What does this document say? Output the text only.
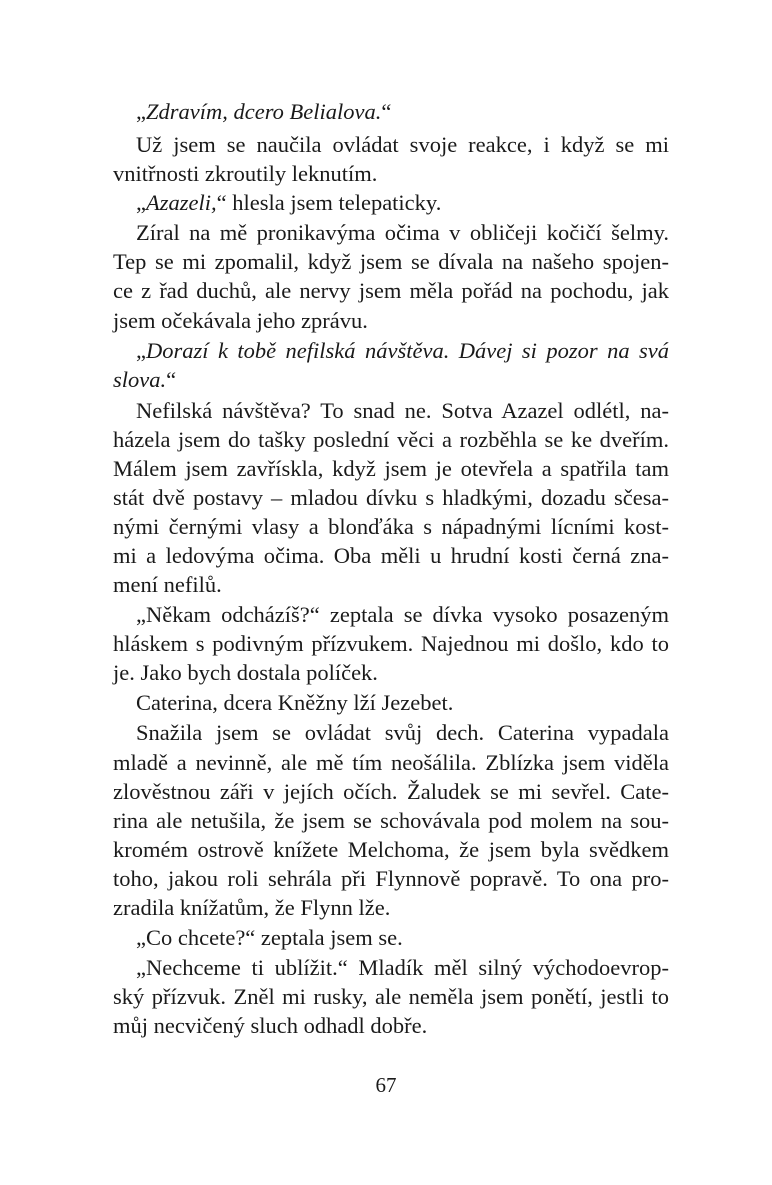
„Zdravím, dcero Belialova.“
Už jsem se naučila ovládat svoje reakce, i když se mi
vnitřnosti zkroutily leknutím.
„Azazeli,“ hlesla jsem telepaticky.
Zíral na mě pronikavýma očima v obličeji kočičí šelmy.
Tep se mi zpomalil, když jsem se dívala na našeho spojen-
ce z řad duchů, ale nervy jsem měla pořád na pochodu, jak
jsem očekávala jeho zprávu.
„Dorazí k tobě nefilská návštěva. Dávej si pozor na svá
slova.“
Nefilská návštěva? To snad ne. Sotva Azazel odlétl, na-
házela jsem do tašky poslední věci a rozběhla se ke dveřím.
Málem jsem zavřískla, když jsem je otevřela a spatřila tam
stát dvě postavy – mladou dívku s hladkými, dozadu sčesa-
nými černými vlasy a blonďáka s nápadnými lícními kost-
mi a ledovýma očima. Oba měli u hrudní kosti černá zna-
mení nefilů.
„Někam odcházíš?“ zeptala se dívka vysoko posazeným
hláskem s podivným přízvukem. Najednou mi došlo, kdo to
je. Jako bych dostala políček.
Caterina, dcera Kněžny lží Jezebet.
Snažila jsem se ovládat svůj dech. Caterina vypadala
mladě a nevinně, ale mě tím neošálila. Zblízka jsem viděla
zlověstnou záři v jejích očích. Žaludek se mi sevřel. Cate-
rina ale netušila, že jsem se schovávala pod molem na sou-
kromém ostrově knížete Melchoma, že jsem byla svědkem
toho, jakou roli sehrála při Flynnově popravě. To ona pro-
zradila knížatům, že Flynn lže.
„Co chcete?“ zeptala jsem se.
„Nechceme ti ublížit.“ Mladík měl silný východoevrop-
ský přízvuk. Zněl mi rusky, ale neměla jsem ponětí, jestli to
můj necvičený sluch odhadl dobře.
67
